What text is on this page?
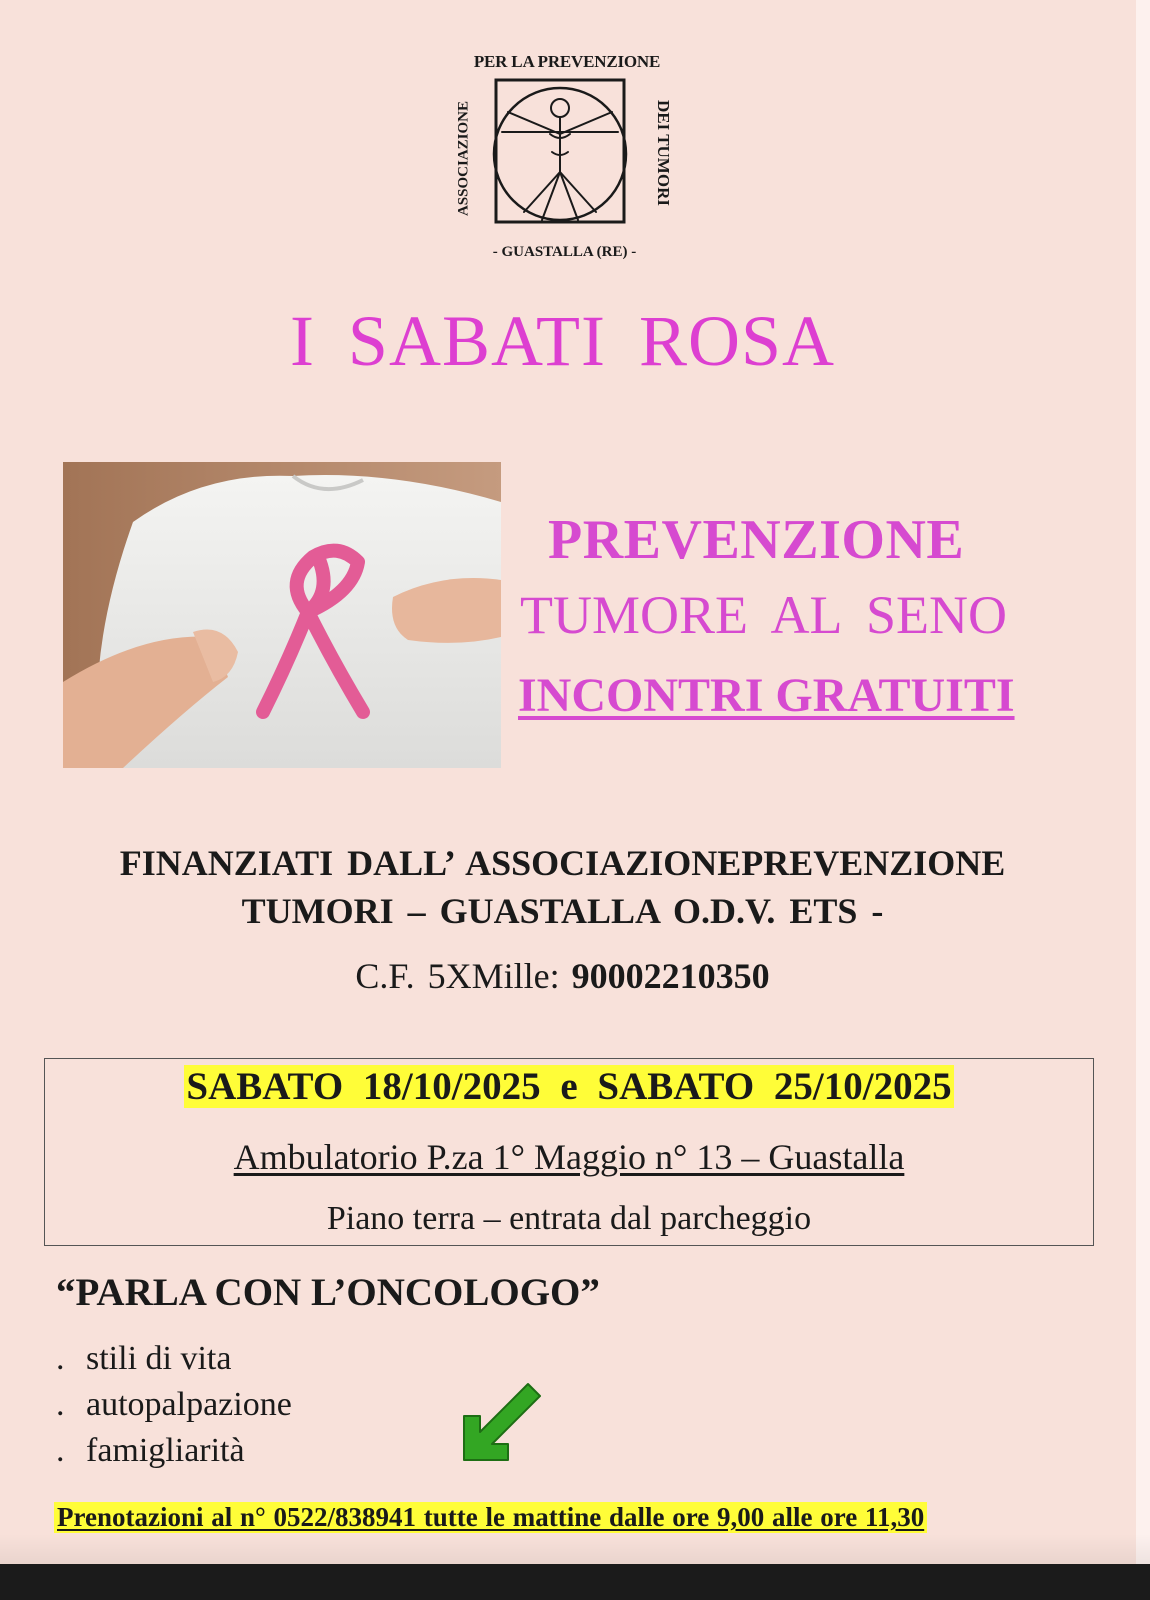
PER LA PREVENZIONE
ASSOCIAZIONE	DEI TUMORI
- GUASTALLA (RE) -
I SABATI ROSA
PREVENZIONE
TUMORE AL SENO
INCONTRI GRATUITI
FINANZIATI DALL’ ASSOCIAZIONEPREVENZIONE
TUMORI – GUASTALLA O.D.V. ETS -
C.F. 5XMille: 90002210350
SABATO 18/10/2025 e SABATO 25/10/2025
Ambulatorio P.za 1° Maggio n° 13 – Guastalla
Piano terra – entrata dal parcheggio
“PARLA CON L’ONCOLOGO”
. stili di vita
. autopalpazione
. famigliarità
Prenotazioni al n° 0522/838941 tutte le mattine dalle ore 9,00 alle ore 11,30
